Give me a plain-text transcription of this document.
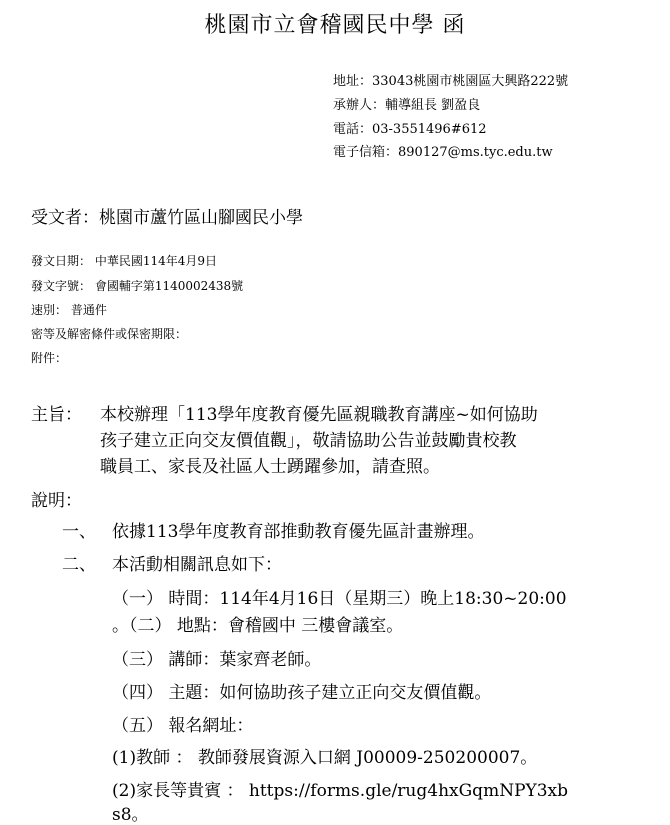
桃園市立會稽國民中學 函
地址：33043桃園市桃園區大興路222號
承辦人：輔導組長 劉盈良
電話：03-3551496#612
電子信箱：890127@ms.tyc.edu.tw
受文者：桃園市蘆竹區山腳國民小學
發文日期： 中華民國114年4月9日
發文字號： 會國輔字第1140002438號
速別： 普通件
密等及解密條件或保密期限：
附件：
主旨： 本校辦理「113學年度教育優先區親職教育講座~如何協助
孩子建立正向交友價值觀」，敬請協助公告並鼓勵貴校教
職員工、家長及社區人士踴躍參加，請查照。
說明：
一、 依據113學年度教育部推動教育優先區計畫辦理。
二、 本活動相關訊息如下：
（一） 時間：114年4月16日（星期三）晚上18:30~20:00
。（二） 地點：會稽國中 三樓會議室。
（三） 講師：葉家齊老師。
（四） 主題：如何協助孩子建立正向交友價值觀。
（五） 報名網址：
(1)教師 ： 教師發展資源入口網 J00009-250200007。
(2)家長等貴賓 ： https://forms.gle/rug4hxGqmNPY3xb
s8。
